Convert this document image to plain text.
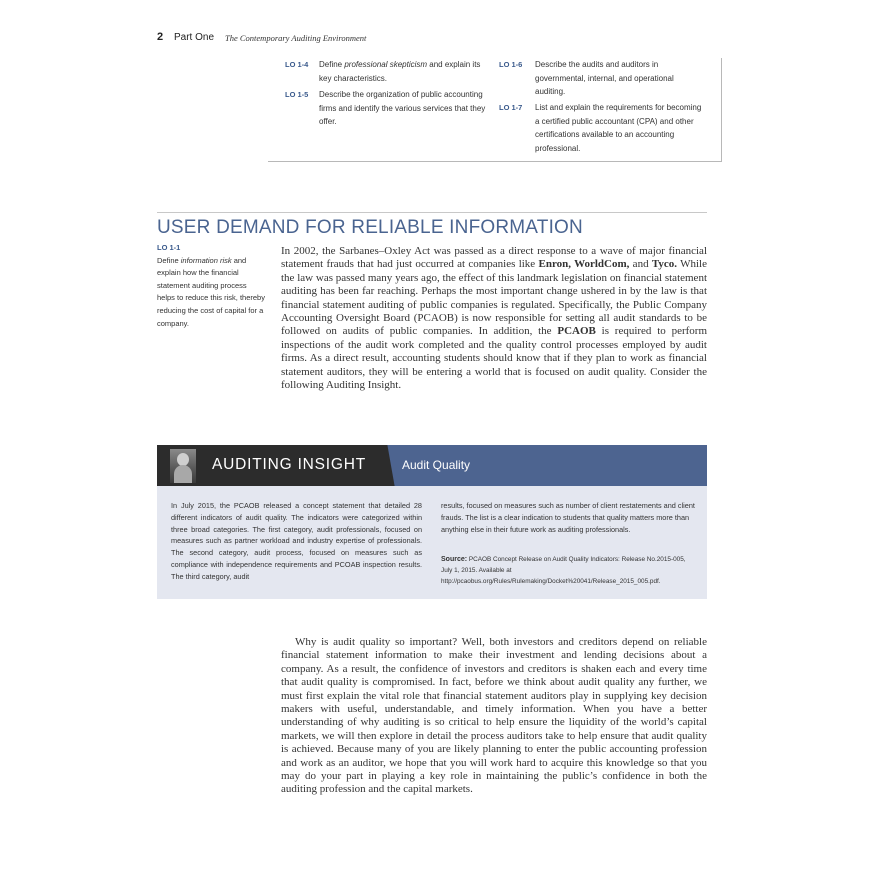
2 Part One The Contemporary Auditing Environment
LO 1-4 Define professional skepticism and explain its key characteristics.
LO 1-5 Describe the organization of public accounting firms and identify the various services that they offer.
LO 1-6 Describe the audits and auditors in governmental, internal, and operational auditing.
LO 1-7 List and explain the requirements for becoming a certified public accountant (CPA) and other certifications available to an accounting professional.
USER DEMAND FOR RELIABLE INFORMATION
LO 1-1
Define information risk and explain how the financial statement auditing process helps to reduce this risk, thereby reducing the cost of capital for a company.
In 2002, the Sarbanes–Oxley Act was passed as a direct response to a wave of major financial statement frauds that had just occurred at companies like Enron, WorldCom, and Tyco. While the law was passed many years ago, the effect of this landmark legislation on financial statement auditing has been far reaching. Perhaps the most important change ushered in by the law is that financial statement auditing of public companies is regulated. Specifically, the Public Company Accounting Oversight Board (PCAOB) is now responsible for setting all audit standards to be followed on audits of public companies. In addition, the PCAOB is required to perform inspections of the audit work completed and the quality control processes employed by audit firms. As a direct result, accounting students should know that if they plan to work as financial statement auditors, they will be entering a world that is focused on audit quality. Consider the following Auditing Insight.
AUDITING INSIGHT	Audit Quality
In July 2015, the PCAOB released a concept statement that detailed 28 different indicators of audit quality. The indicators were categorized within three broad categories. The first category, audit professionals, focused on measures such as partner workload and industry expertise of professionals. The second category, audit process, focused on measures such as compliance with independence requirements and PCOAB inspection results. The third category, audit
results, focused on measures such as number of client restatements and client frauds. The list is a clear indication to students that quality matters more than anything else in their future work as auditing professionals.
Source: PCAOB Concept Release on Audit Quality Indicators: Release No.2015-005, July 1, 2015. Available at http://pcaobus.org/Rules/Rulemaking/Docket%20041/Release_2015_005.pdf.
Why is audit quality so important? Well, both investors and creditors depend on reliable financial statement information to make their investment and lending decisions about a company. As a result, the confidence of investors and creditors is shaken each and every time that audit quality is compromised. In fact, before we think about audit quality any further, we must first explain the vital role that financial statement auditors play in supplying key decision makers with useful, understandable, and timely information. When you have a better understanding of why auditing is so critical to help ensure the liquidity of the world’s capital markets, we will then explore in detail the process auditors take to help ensure that audit quality is achieved. Because many of you are likely planning to enter the public accounting profession and work as an auditor, we hope that you will work hard to acquire this knowledge so that you may do your part in playing a key role in maintaining the public’s confidence in both the auditing profession and the capital markets.
